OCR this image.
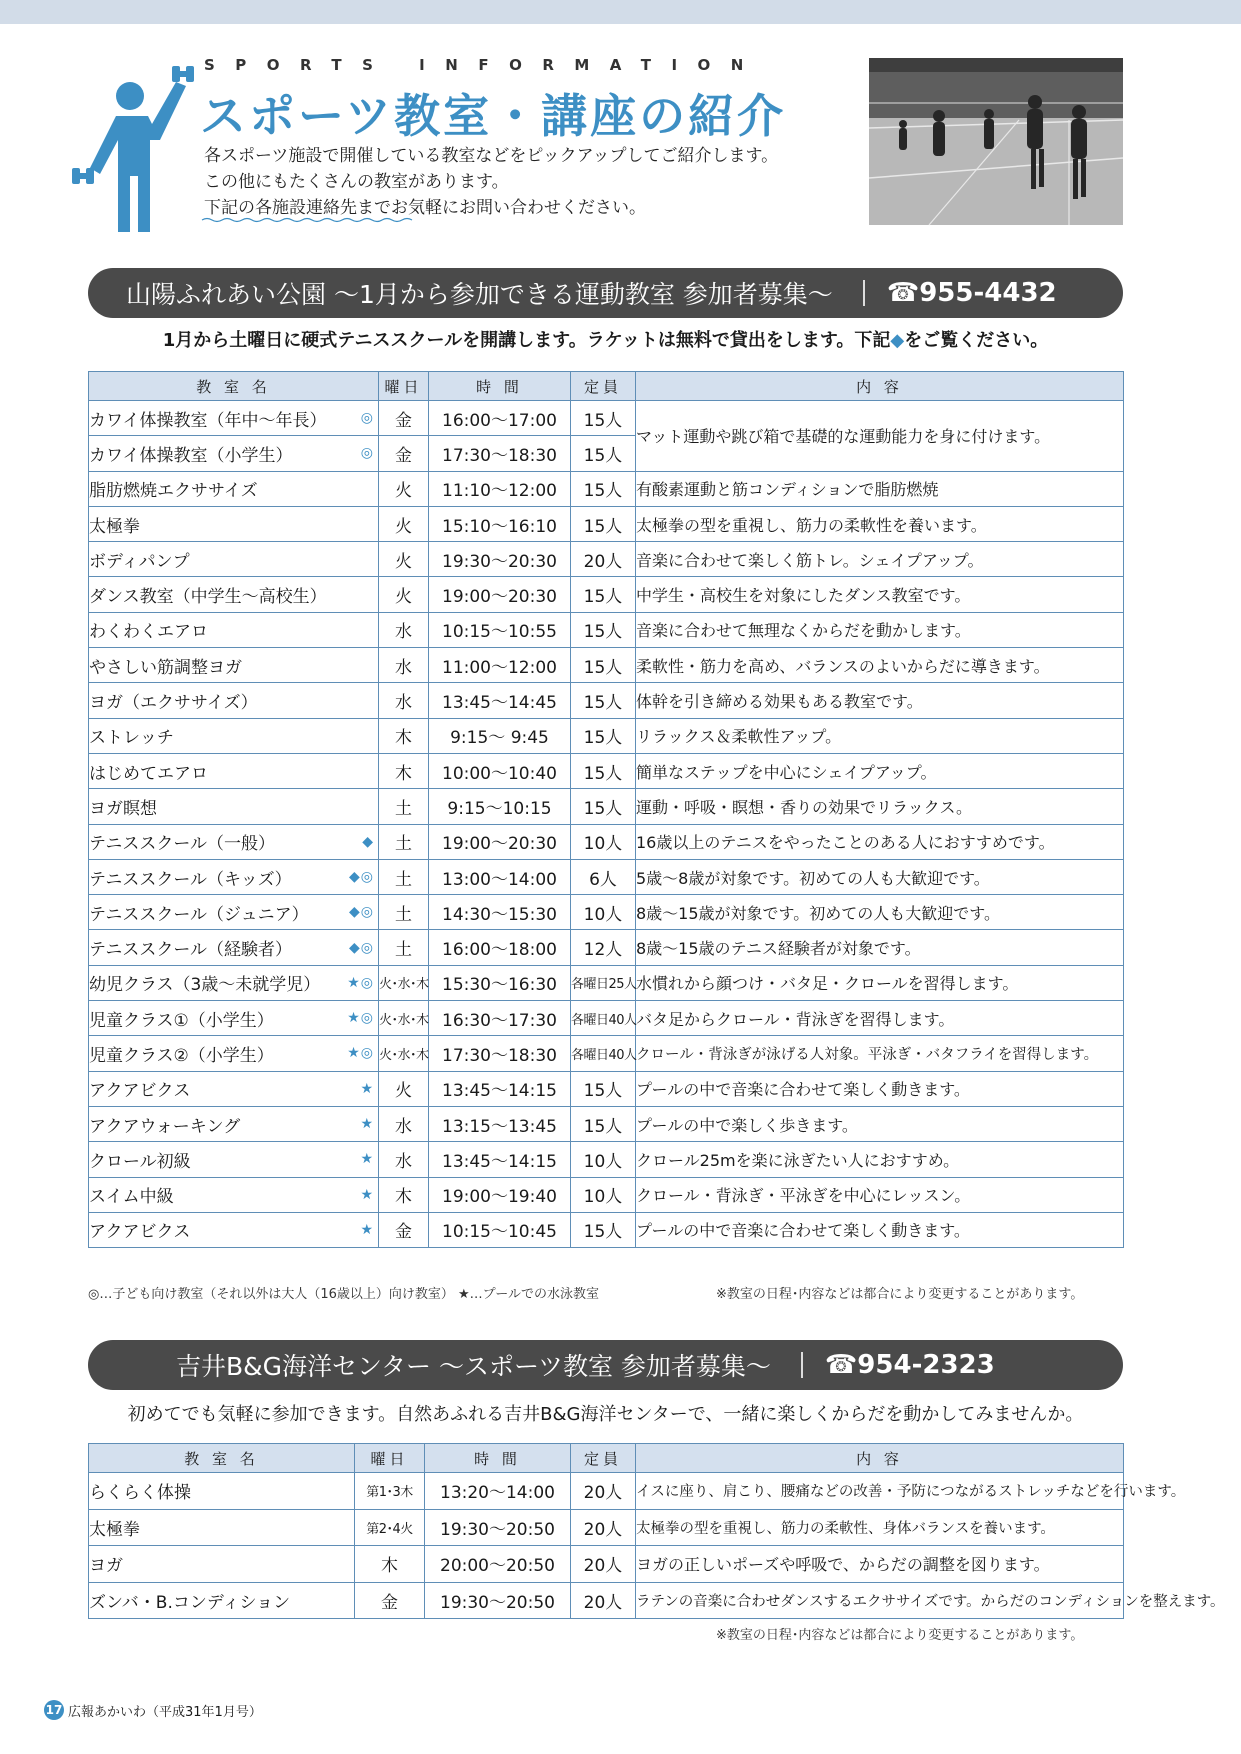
SPORTS INFORMATION
スポーツ教室・講座の紹介
各スポーツ施設で開催している教室などをピックアップしてご紹介します。
この他にもたくさんの教室があります。
下記の各施設連絡先までお気軽にお問い合わせください。
山陽ふれあい公園 ～1月から参加できる運動教室 参加者募集～ ☎955-4432
1月から土曜日に硬式テニススクールを開講します。ラケットは無料で貸出をします。下記◆をご覧ください。
教 室 名	曜日	時 間	定員	内 容

カワイ体操教室（年中～年長） ◎	金	16:00～17:00	15人	マット運動や跳び箱で基礎的な運動能力を身に付けます。

カワイ体操教室（小学生） ◎	金	17:30～18:30	15人	

脂肪燃焼エクササイズ	火	11:10～12:00	15人	有酸素運動と筋コンディションで脂肪燃焼

太極拳	火	15:10～16:10	15人	太極拳の型を重視し、筋力の柔軟性を養います。

ボディパンプ	火	19:30～20:30	20人	音楽に合わせて楽しく筋トレ。シェイプアップ。

ダンス教室（中学生～高校生）	火	19:00～20:30	15人	中学生・高校生を対象にしたダンス教室です。

わくわくエアロ	水	10:15～10:55	15人	音楽に合わせて無理なくからだを動かします。

やさしい筋調整ヨガ	水	11:00～12:00	15人	柔軟性・筋力を高め、バランスのよいからだに導きます。

ヨガ（エクササイズ）	水	13:45～14:45	15人	体幹を引き締める効果もある教室です。

ストレッチ	木	9:15～ 9:45	15人	リラックス＆柔軟性アップ。

はじめてエアロ	木	10:00～10:40	15人	簡単なステップを中心にシェイプアップ。

ヨガ瞑想	土	9:15～10:15	15人	運動・呼吸・瞑想・香りの効果でリラックス。

テニススクール（一般） ◆	土	19:00～20:30	10人	16歳以上のテニスをやったことのある人におすすめです。

テニススクール（キッズ） ◆◎	土	13:00～14:00	6人	5歳～8歳が対象です。初めての人も大歓迎です。

テニススクール（ジュニア） ◆◎	土	14:30～15:30	10人	8歳～15歳が対象です。初めての人も大歓迎です。

テニススクール（経験者） ◆◎	土	16:00～18:00	12人	8歳～15歳のテニス経験者が対象です。

幼児クラス（3歳～未就学児） ★◎	火･水･木	15:30～16:30	各曜日25人	水慣れから顔つけ・バタ足・クロールを習得します。

児童クラス①（小学生） ★◎	火･水･木	16:30～17:30	各曜日40人	バタ足からクロール・背泳ぎを習得します。

児童クラス②（小学生） ★◎	火･水･木	17:30～18:30	各曜日40人	クロール・背泳ぎが泳げる人対象。平泳ぎ・バタフライを習得します。

アクアビクス ★	火	13:45～14:15	15人	プールの中で音楽に合わせて楽しく動きます。

アクアウォーキング ★	水	13:15～13:45	15人	プールの中で楽しく歩きます。

クロール初級 ★	水	13:45～14:15	10人	クロール25mを楽に泳ぎたい人におすすめ。

スイム中級 ★	木	19:00～19:40	10人	クロール・背泳ぎ・平泳ぎを中心にレッスン。

アクアビクス ★	金	10:15～10:45	15人	プールの中で音楽に合わせて楽しく動きます。
◎…子ども向け教室（それ以外は大人（16歳以上）向け教室） ★…プールでの水泳教室	※教室の日程･内容などは都合により変更することがあります。
吉井B&G海洋センター ～スポーツ教室 参加者募集～ ☎954-2323
初めてでも気軽に参加できます。自然あふれる吉井B&G海洋センターで、一緒に楽しくからだを動かしてみませんか。
教 室 名	曜日	時 間	定員	内 容
らくらく体操	第1･3木	13:20～14:00	20人	イスに座り、肩こり、腰痛などの改善・予防につながるストレッチなどを行います。
太極拳	第2･4火	19:30～20:50	20人	太極拳の型を重視し、筋力の柔軟性、身体バランスを養います。
ヨガ	木	20:00～20:50	20人	ヨガの正しいポーズや呼吸で、からだの調整を図ります。
ズンバ・B.コンディション	金	19:30～20:50	20人	ラテンの音楽に合わせダンスするエクササイズです。からだのコンディションを整えます。
※教室の日程･内容などは都合により変更することがあります。
17 広報あかいわ（平成31年1月号）
